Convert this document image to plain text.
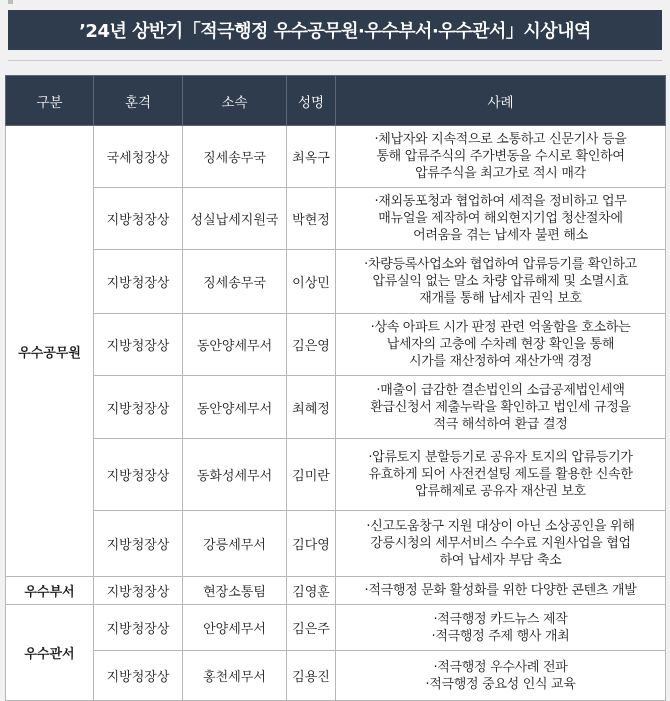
’24년 상반기「적극행정 우수공무원·우수부서·우수관서」시상내역
구분	훈격	소속	성명	사례
우수공무원	국세청장상	징세송무국	최옥구	·체납자와 지속적으로 소통하고 신문기사 등을
통해 압류주식의 주가변동을 수시로 확인하여
압류주식을 최고가로 적시 매각

	지방청장상	성실납세지원국	박현정	·재외동포청과 협업하여 세적을 정비하고 업무
매뉴얼을 제작하여 해외현지기업 청산절차에
어려움을 겪는 납세자 불편 해소

	지방청장상	징세송무국	이상민	·차량등록사업소와 협업하여 압류등기를 확인하고
압류실익 없는 말소 차량 압류해제 및 소멸시효
재개를 통해 납세자 권익 보호

	지방청장상	동안양세무서	김은영	·상속 아파트 시가 판정 관련 억울함을 호소하는
납세자의 고충에 수차례 현장 확인을 통해
시가를 재산정하여 재산가액 경정

	지방청장상	동안양세무서	최혜정	·매출이 급감한 결손법인의 소급공제법인세액
환급신청서 제출누락을 확인하고 법인세 규정을
적극 해석하여 환급 결정

	지방청장상	동화성세무서	김미란	·압류토지 분할등기로 공유자 토지의 압류등기가
유효하게 되어 사전컨설팅 제도를 활용한 신속한
압류해제로 공유자 재산권 보호

	지방청장상	강릉세무서	김다영	·신고도움창구 지원 대상이 아닌 소상공인을 위해
강릉시청의 세무서비스 수수료 지원사업을 협업
하여 납세자 부담 축소

우수부서	지방청장상	현장소통팀	김영훈	·적극행정 문화 활성화를 위한 다양한 콘텐츠 개발

우수관서	지방청장상	안양세무서	김은주	·적극행정 카드뉴스 제작
·적극행정 주제 행사 개최

	지방청장상	홍천세무서	김용진	·적극행정 우수사례 전파
·적극행정 중요성 인식 교육
